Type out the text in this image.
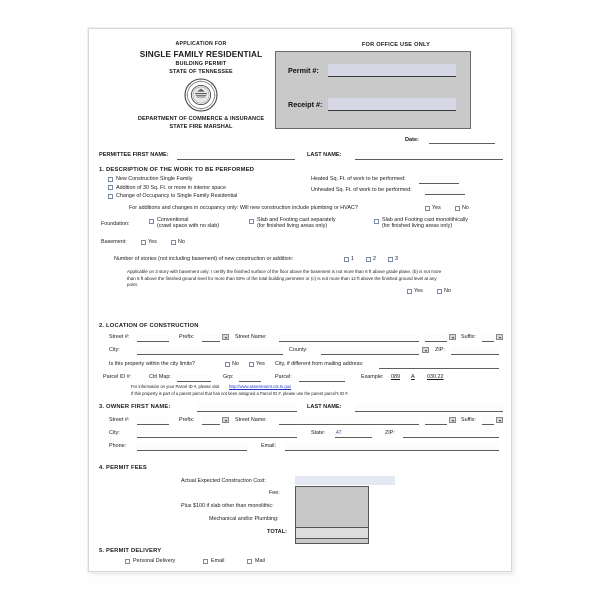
APPLICATION FOR
SINGLE FAMILY RESIDENTIAL
BUILDING PERMIT
STATE OF TENNESSEE
DEPARTMENT OF COMMERCE & INSURANCE
STATE FIRE MARSHAL
FOR OFFICE USE ONLY
Permit #:
Receipt #:
Date:
PERMITTEE FIRST NAME:	LAST NAME:
1. DESCRIPTION OF THE WORK TO BE PERFORMED
New Construction Single Family
Addition of 30 Sq. Ft. or more in interior space
Change of Occupancy to Single Family Residential
Heated Sq. Ft. of work to be performed:
Unheated Sq. Ft. of work to be performed:
For additions and changes in occupancy only: Will new construction include plumbing or HVAC?	Yes	No
Foundation:
Conventional
(crawl space with no slab)
Slab and Footing cast separately
(for finished living areas only)
Slab and Footing cast monolithically
(for finished living areas only)
Basement:	Yes	No
Number of stories (not including basement) of new construction or addition:	1	2	3
Applicable on 3 story with basement only: I certify the finished surface of the floor above the basement is not more than 6 ft above grade plane, (b) is not more than 6 ft above the finished ground level for more than 50% of the total building perimeter or (c) is not more than 12 ft above the finished ground level at any point.
Yes	No
2. LOCATION OF CONSTRUCTION
Street #:	Prefix:	Street Name:	Suffix:
City:	County:	ZIP:
Is this property within the city limits?	No	Yes City, if different from mailing address:
Parcel ID #:	Ctrl Map:	Grp:	Parcel:	Example: 089 A 030.22
For information on your Parcel ID #, please visit http://www.assessment.cot.tn.gov
If this property is part of a parent parcel that has not been assigned a Parcel ID #, please use the parent parcel's ID #.
3. OWNER FIRST NAME:	LAST NAME:
Street #:	Prefix:	Street Name:	Suffix:
City:	State: 47	ZIP:
Phone:	Email:
4. PERMIT FEES
Actual Expected Construction Cost:
Fee:
Plus $100 if slab other than monolithic:
Mechanical and/or Plumbing:
TOTAL:
5. PERMIT DELIVERY
Personal Delivery	Email	Mail
